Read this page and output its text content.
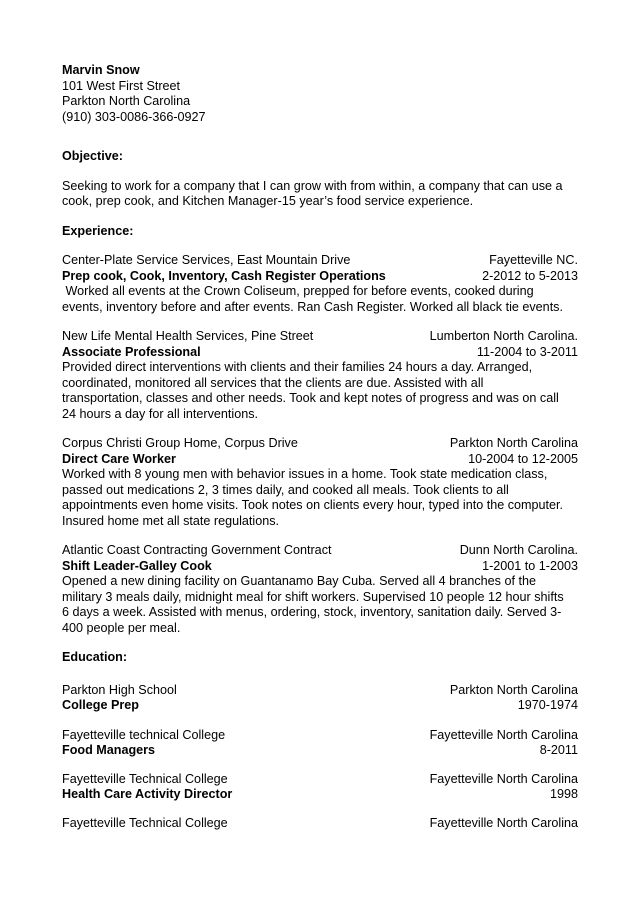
Marvin Snow
101 West First Street
Parkton North Carolina
(910) 303-0086-366-0927
Objective:
Seeking to work for a company that I can grow with from within, a company that can use a
cook, prep cook, and Kitchen Manager-15 year’s food service experience.
Experience:
Center-Plate Service Services, East Mountain Drive	Fayetteville NC.
Prep cook, Cook, Inventory, Cash Register Operations	2-2012 to 5-2013
Worked all events at the Crown Coliseum, prepped for before events, cooked during
events, inventory before and after events. Ran Cash Register. Worked all black tie events.
New Life Mental Health Services, Pine Street	Lumberton North Carolina.
Associate Professional	11-2004 to 3-2011
Provided direct interventions with clients and their families 24 hours a day. Arranged,
coordinated, monitored all services that the clients are due. Assisted with all
transportation, classes and other needs. Took and kept notes of progress and was on call
24 hours a day for all interventions.
Corpus Christi Group Home, Corpus Drive	Parkton North Carolina
Direct Care Worker	10-2004 to 12-2005
Worked with 8 young men with behavior issues in a home. Took state medication class,
passed out medications 2, 3 times daily, and cooked all meals. Took clients to all
appointments even home visits. Took notes on clients every hour, typed into the computer.
Insured home met all state regulations.
Atlantic Coast Contracting Government Contract	Dunn North Carolina.
Shift Leader-Galley Cook	1-2001 to 1-2003
Opened a new dining facility on Guantanamo Bay Cuba. Served all 4 branches of the
military 3 meals daily, midnight meal for shift workers. Supervised 10 people 12 hour shifts
6 days a week. Assisted with menus, ordering, stock, inventory, sanitation daily. Served 3-
400 people per meal.
Education:
Parkton High School	Parkton North Carolina
College Prep	1970-1974
Fayetteville technical College	Fayetteville North Carolina
Food Managers	8-2011
Fayetteville Technical College	Fayetteville North Carolina
Health Care Activity Director	1998
Fayetteville Technical College	Fayetteville North Carolina
